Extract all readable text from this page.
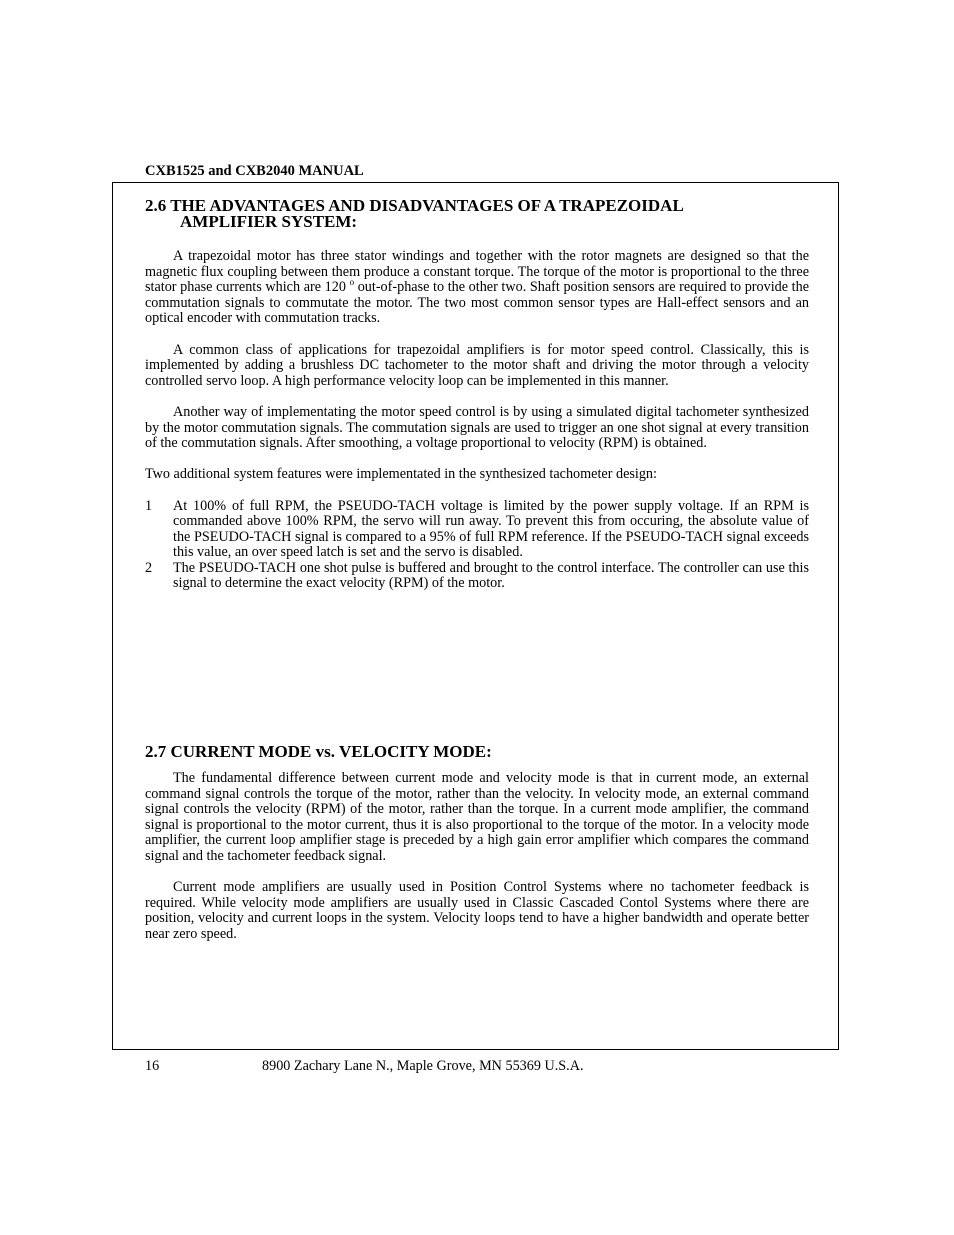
CXB1525 and CXB2040 MANUAL
2.6 THE ADVANTAGES AND DISADVANTAGES OF A TRAPEZOIDAL
AMPLIFIER SYSTEM:

A trapezoidal motor has three stator windings and together with the rotor magnets are designed so that the magnetic flux coupling between them produce a constant torque. The torque of the motor is proportional to the three stator phase currents which are 120 $^o$ out-of-phase to the other two. Shaft position sensors are required to provide the commutation signals to commutate the motor. The two most common sensor types are Hall-effect sensors and an optical encoder with commutation tracks.

A common class of applications for trapezoidal amplifiers is for motor speed control. Classically, this is implemented by adding a brushless DC tachometer to the motor shaft and driving the motor through a velocity controlled servo loop. A high performance velocity loop can be implemented in this manner.

Another way of implementating the motor speed control is by using a simulated digital tachometer synthesized by the motor commutation signals. The commutation signals are used to trigger an one shot signal at every transition of the commutation signals. After smoothing, a voltage proportional to velocity (RPM) is obtained.

Two additional system features were implementated in the synthesized tachometer design:

1	At 100% of full RPM, the PSEUDO-TACH voltage is limited by the power supply voltage. If an RPM is commanded above 100% RPM, the servo will run away. To prevent this from occuring, the absolute value of the PSEUDO-TACH signal is compared to a 95% of full RPM reference. If the PSEUDO-TACH signal exceeds this value, an over speed latch is set and the servo is disabled.
2	The PSEUDO-TACH one shot pulse is buffered and brought to the control interface. The controller can use this signal to determine the exact velocity (RPM) of the motor.
2.7 CURRENT MODE vs. VELOCITY MODE:

The fundamental difference between current mode and velocity mode is that in current mode, an external command signal controls the torque of the motor, rather than the velocity. In velocity mode, an external command signal controls the velocity (RPM) of the motor, rather than the torque. In a current mode amplifier, the command signal is proportional to the motor current, thus it is also proportional to the torque of the motor. In a velocity mode amplifier, the current loop amplifier stage is preceded by a high gain error amplifier which compares the command signal and the tachometer feedback signal.

Current mode amplifiers are usually used in Position Control Systems where no tachometer feedback is required. While velocity mode amplifiers are usually used in Classic Cascaded Contol Systems where there are position, velocity and current loops in the system. Velocity loops tend to have a higher bandwidth and operate better near zero speed.

16	8900 Zachary Lane N., Maple Grove, MN 55369 U.S.A.
